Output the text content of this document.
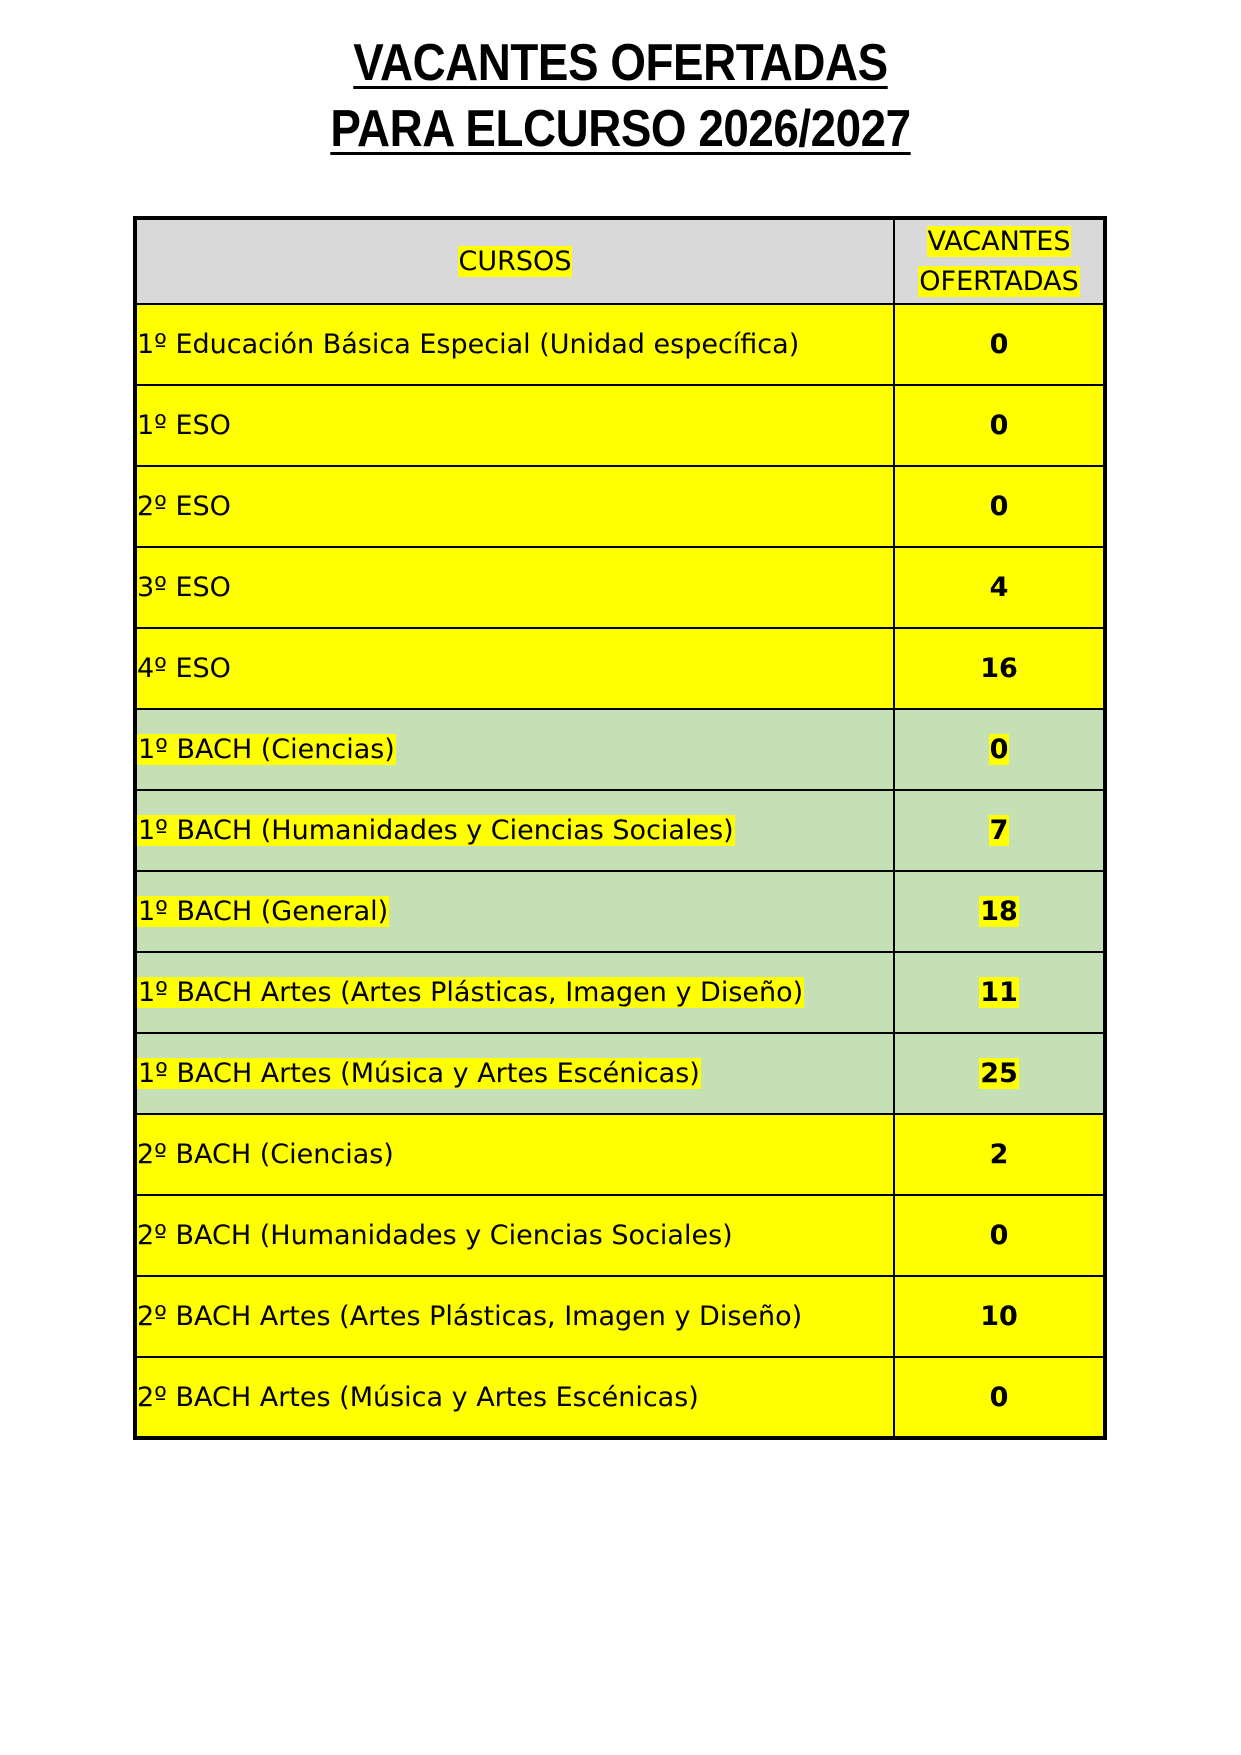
VACANTES OFERTADAS
PARA ELCURSO 2026/2027
CURSOS	VACANTES
OFERTADAS
1º Educación Básica Especial (Unidad específica)	0
1º ESO	0
2º ESO	0
3º ESO	4
4º ESO	16
1º BACH (Ciencias)	0
1º BACH (Humanidades y Ciencias Sociales)	7
1º BACH (General)	18
1º BACH Artes (Artes Plásticas, Imagen y Diseño)	11
1º BACH Artes (Música y Artes Escénicas)	25
2º BACH (Ciencias)	2
2º BACH (Humanidades y Ciencias Sociales)	0
2º BACH Artes (Artes Plásticas, Imagen y Diseño)	10
2º BACH Artes (Música y Artes Escénicas)	0
